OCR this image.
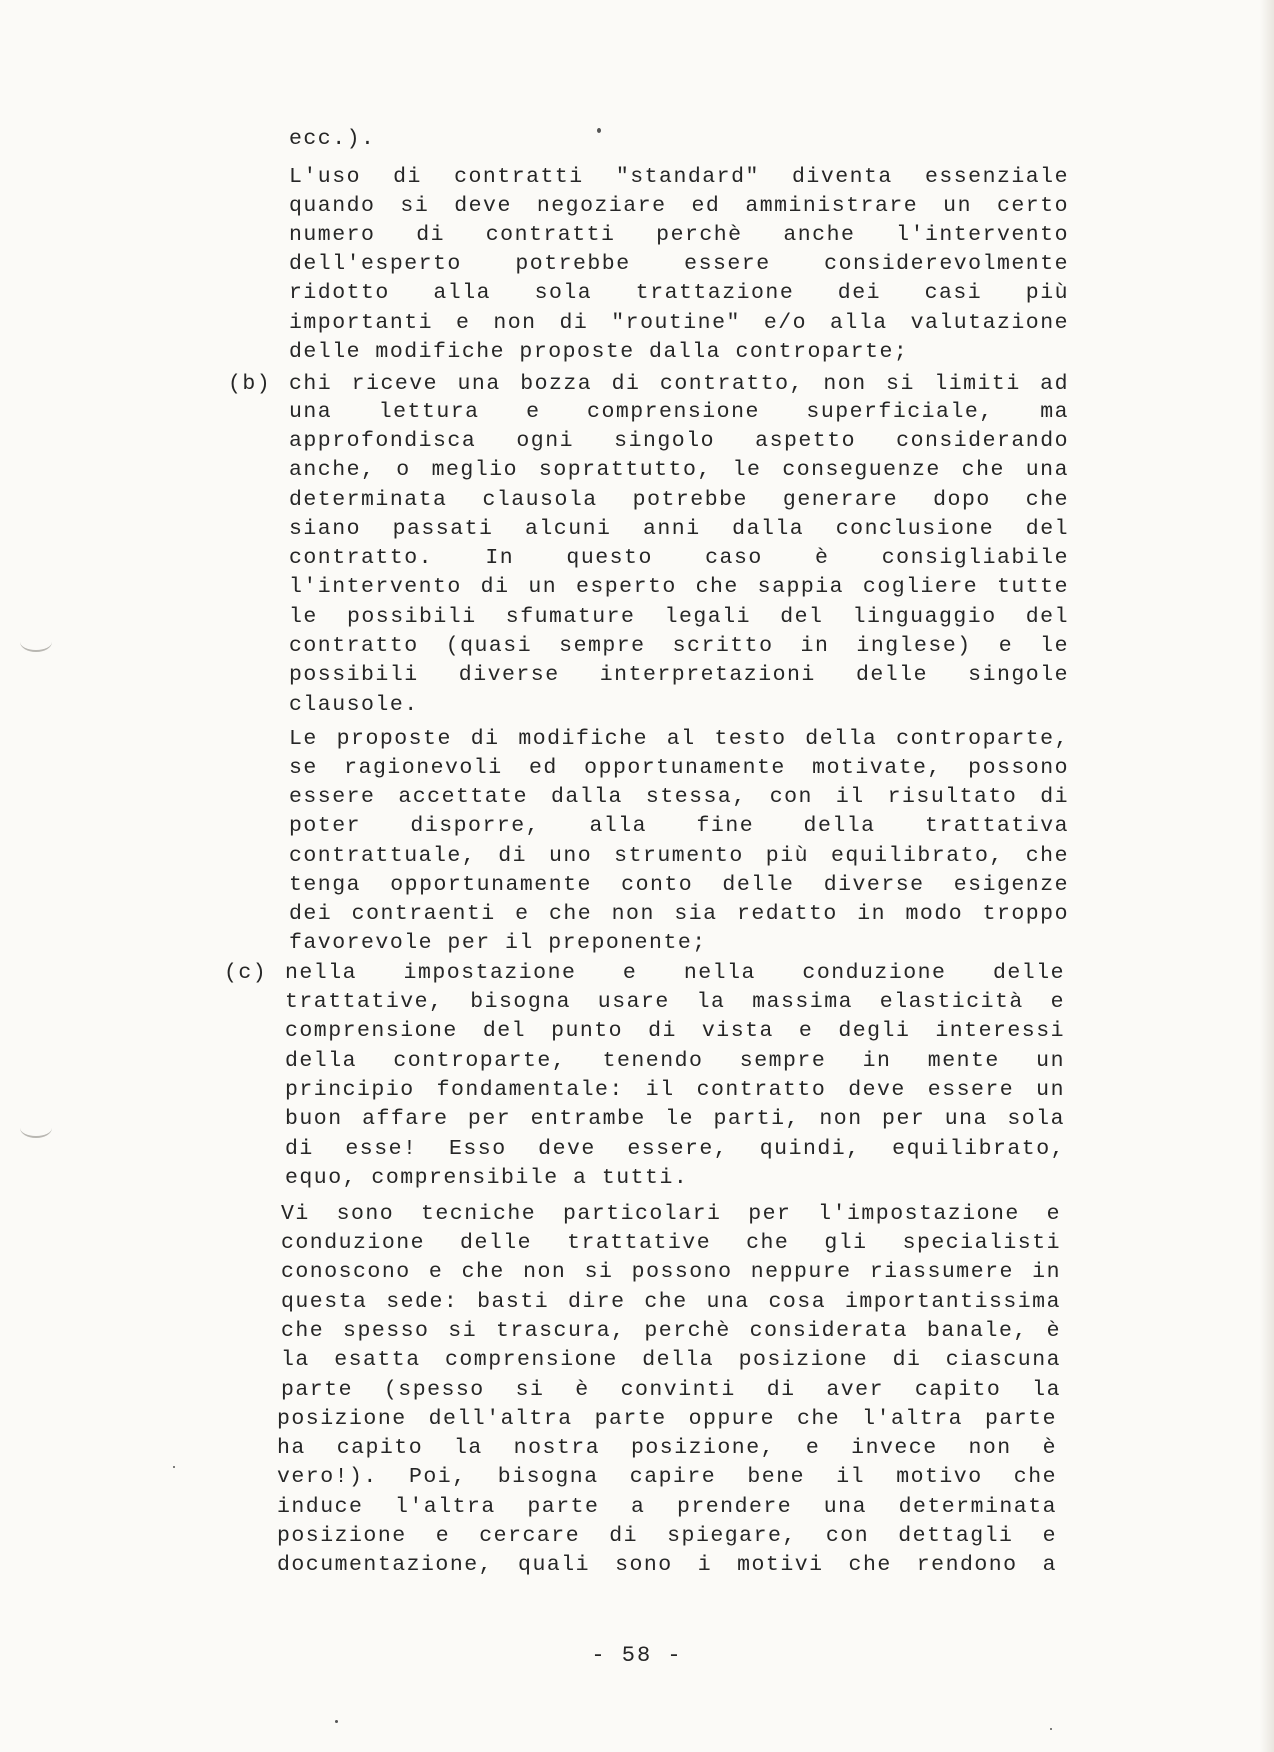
(b)
(c)
ecc.).
L'uso di contratti "standard" diventa essenziale
quando si deve negoziare ed amministrare un certo
numero di contratti perchè anche l'intervento
dell'esperto potrebbe essere considerevolmente
ridotto alla sola trattazione dei casi più
importanti e non di "routine" e/o alla valutazione
delle modifiche proposte dalla controparte;
chi riceve una bozza di contratto, non si limiti ad
una lettura e comprensione superficiale, ma
approfondisca ogni singolo aspetto considerando
anche, o meglio soprattutto, le conseguenze che una
determinata clausola potrebbe generare dopo che
siano passati alcuni anni dalla conclusione del
contratto. In questo caso è consigliabile
l'intervento di un esperto che sappia cogliere tutte
le possibili sfumature legali del linguaggio del
contratto (quasi sempre scritto in inglese) e le
possibili diverse interpretazioni delle singole
clausole.
Le proposte di modifiche al testo della controparte,
se ragionevoli ed opportunamente motivate, possono
essere accettate dalla stessa, con il risultato di
poter disporre, alla fine della trattativa
contrattuale, di uno strumento più equilibrato, che
tenga opportunamente conto delle diverse esigenze
dei contraenti e che non sia redatto in modo troppo
favorevole per il preponente;
nella impostazione e nella conduzione delle
trattative, bisogna usare la massima elasticità e
comprensione del punto di vista e degli interessi
della controparte, tenendo sempre in mente un
principio fondamentale: il contratto deve essere un
buon affare per entrambe le parti, non per una sola
di esse! Esso deve essere, quindi, equilibrato,
equo, comprensibile a tutti.
Vi sono tecniche particolari per l'impostazione e
conduzione delle trattative che gli specialisti
conoscono e che non si possono neppure riassumere in
questa sede: basti dire che una cosa importantissima
che spesso si trascura, perchè considerata banale, è
la esatta comprensione della posizione di ciascuna
parte (spesso si è convinti di aver capito la
posizione dell'altra parte oppure che l'altra parte
ha capito la nostra posizione, e invece non è
vero!). Poi, bisogna capire bene il motivo che
induce l'altra parte a prendere una determinata
posizione e cercare di spiegare, con dettagli e
documentazione, quali sono i motivi che rendono a
- 58 -
